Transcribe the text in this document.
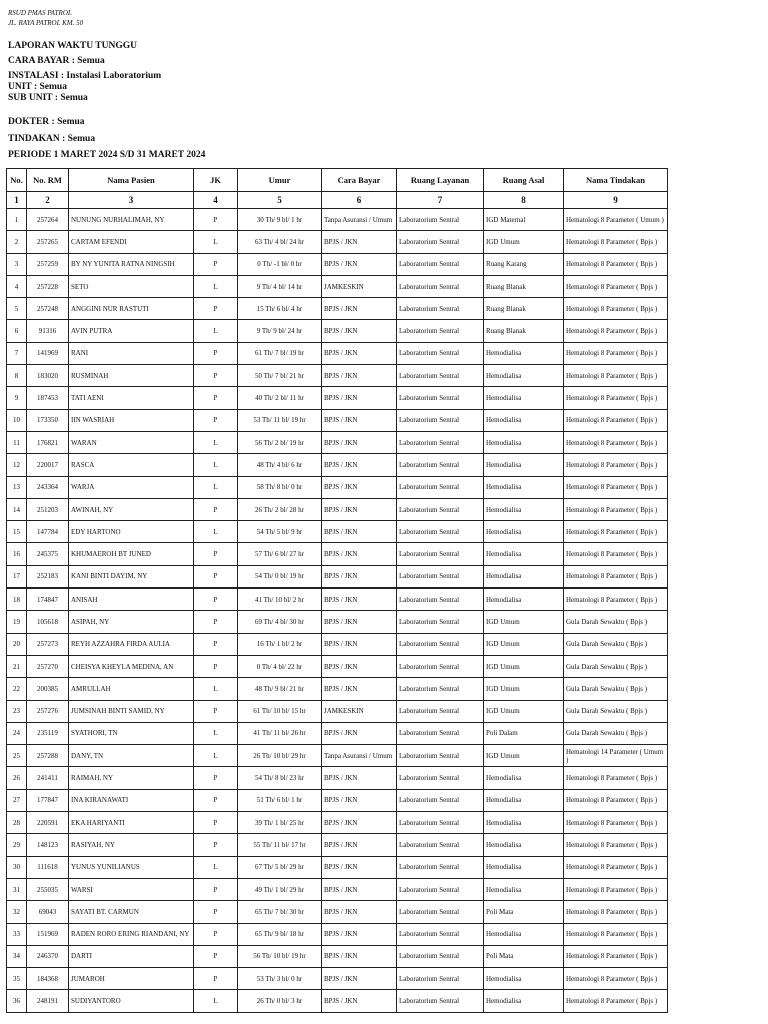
RSUD PMAS PATROL
JL. RAYA PATROL KM. 50
LAPORAN WAKTU TUNGGU
CARA BAYAR : Semua
INSTALASI : Instalasi Laboratorium
UNIT : Semua
SUB UNIT : Semua
DOKTER : Semua
TINDAKAN : Semua
PERIODE 1 MARET 2024 S/D 31 MARET 2024
No.	No. RM	Nama Pasien	JK	Umur	Cara Bayar	Ruang Layanan	Ruang Asal	Nama Tindakan
1	2	3	4	5	6	7	8	9
1	257264	NUNUNG NURHALIMAH, NY	P	30 Th/ 9 bl/ 1 hr	Tanpa Asuransi / Umum	Laboratorium Sentral	IGD Maternal	Hematologi 8 Parameter ( Umum )
2	257265	CARTAM EFENDI	L	63 Th/ 4 bl/ 24 hr	BPJS / JKN	Laboratorium Sentral	IGD Umum	Hematologi 8 Parameter ( Bpjs )
3	257259	BY NY YUNITA RATNA NINGSIH	P	0 Th/ -1 bl/ 0 hr	BPJS / JKN	Laboratorium Sentral	Ruang Karang	Hematologi 8 Parameter ( Bpjs )
4	257228	SETO	L	9 Th/ 4 bl/ 14 hr	JAMKESKIN	Laboratorium Sentral	Ruang Blanak	Hematologi 8 Parameter ( Bpjs )
5	257248	ANGGINI NUR RASTUTI	P	15 Th/ 6 bl/ 4 hr	BPJS / JKN	Laboratorium Sentral	Ruang Blanak	Hematologi 8 Parameter ( Bpjs )
6	91316	AVIN PUTRA	L	9 Th/ 9 bl/ 24 hr	BPJS / JKN	Laboratorium Sentral	Ruang Blanak	Hematologi 8 Parameter ( Bpjs )
7	141969	RANI	P	61 Th/ 7 bl/ 19 hr	BPJS / JKN	Laboratorium Sentral	Hemodialisa	Hematologi 8 Parameter ( Bpjs )
8	183020	RUSMINAH	P	50 Th/ 7 bl/ 21 hr	BPJS / JKN	Laboratorium Sentral	Hemodialisa	Hematologi 8 Parameter ( Bpjs )
9	187453	TATI AENI	P	40 Th/ 2 bl/ 11 hr	BPJS / JKN	Laboratorium Sentral	Hemodialisa	Hematologi 8 Parameter ( Bpjs )
10	173350	IIN WASRIAH	P	53 Th/ 11 bl/ 19 hr	BPJS / JKN	Laboratorium Sentral	Hemodialisa	Hematologi 8 Parameter ( Bpjs )
11	176821	WARAN	L	56 Th/ 2 bl/ 19 hr	BPJS / JKN	Laboratorium Sentral	Hemodialisa	Hematologi 8 Parameter ( Bpjs )
12	220017	RASCA	L	48 Th/ 4 bl/ 6 hr	BPJS / JKN	Laboratorium Sentral	Hemodialisa	Hematologi 8 Parameter ( Bpjs )
13	243364	WARJA	L	58 Th/ 8 bl/ 0 hr	BPJS / JKN	Laboratorium Sentral	Hemodialisa	Hematologi 8 Parameter ( Bpjs )
14	251203	AWINAH, NY	P	26 Th/ 2 bl/ 28 hr	BPJS / JKN	Laboratorium Sentral	Hemodialisa	Hematologi 8 Parameter ( Bpjs )
15	147784	EDY HARTONO	L	54 Th/ 5 bl/ 9 hr	BPJS / JKN	Laboratorium Sentral	Hemodialisa	Hematologi 8 Parameter ( Bpjs )
16	245375	KHUMAEROH BT JUNED	P	57 Th/ 6 bl/ 27 hr	BPJS / JKN	Laboratorium Sentral	Hemodialisa	Hematologi 8 Parameter ( Bpjs )
17	252183	KANI BINTI DAYIM, NY	P	54 Th/ 0 bl/ 19 hr	BPJS / JKN	Laboratorium Sentral	Hemodialisa	Hematologi 8 Parameter ( Bpjs )
18	174847	ANISAH	P	41 Th/ 10 bl/ 2 hr	BPJS / JKN	Laboratorium Sentral	Hemodialisa	Hematologi 8 Parameter ( Bpjs )
19	105618	ASIPAH, NY	P	69 Th/ 4 bl/ 30 hr	BPJS / JKN	Laboratorium Sentral	IGD Umum	Gula Darah Sewaktu ( Bpjs )
20	257273	REYH AZZAHRA FIRDA AULIA	P	16 Th/ 1 bl/ 2 hr	BPJS / JKN	Laboratorium Sentral	IGD Umum	Gula Darah Sewaktu ( Bpjs )
21	257270	CHEISYA KHEYLA MEDINA, AN	P	0 Th/ 4 bl/ 22 hr	BPJS / JKN	Laboratorium Sentral	IGD Umum	Gula Darah Sewaktu ( Bpjs )
22	200385	AMRULLAH	L	48 Th/ 9 bl/ 21 hr	BPJS / JKN	Laboratorium Sentral	IGD Umum	Gula Darah Sewaktu ( Bpjs )
23	257276	JUMSINAH BINTI SAMID, NY	P	61 Th/ 10 bl/ 15 hr	JAMKESKIN	Laboratorium Sentral	IGD Umum	Gula Darah Sewaktu ( Bpjs )
24	235119	SYATHORI, TN	L	41 Th/ 11 bl/ 26 hr	BPJS / JKN	Laboratorium Sentral	Poli Dalam	Gula Darah Sewaktu ( Bpjs )
25	257288	DANY, TN	L	26 Th/ 10 bl/ 29 hr	Tanpa Asuransi / Umum	Laboratorium Sentral	IGD Umum	Hematologi 14 Parameter ( Umum )
26	241411	RAIMAH, NY	P	54 Th/ 8 bl/ 23 hr	BPJS / JKN	Laboratorium Sentral	Hemodialisa	Hematologi 8 Parameter ( Bpjs )
27	177847	INA KIRANAWATI	P	51 Th/ 6 bl/ 1 hr	BPJS / JKN	Laboratorium Sentral	Hemodialisa	Hematologi 8 Parameter ( Bpjs )
28	220591	EKA HARIYANTI	P	39 Th/ 1 bl/ 25 hr	BPJS / JKN	Laboratorium Sentral	Hemodialisa	Hematologi 8 Parameter ( Bpjs )
29	148123	RASIYAH, NY	P	55 Th/ 11 bl/ 17 hr	BPJS / JKN	Laboratorium Sentral	Hemodialisa	Hematologi 8 Parameter ( Bpjs )
30	111618	YUNUS YUNILIANUS	L	67 Th/ 5 bl/ 29 hr	BPJS / JKN	Laboratorium Sentral	Hemodialisa	Hematologi 8 Parameter ( Bpjs )
31	255035	WARSI	P	49 Th/ 1 bl/ 29 hr	BPJS / JKN	Laboratorium Sentral	Hemodialisa	Hematologi 8 Parameter ( Bpjs )
32	69043	SAYATI BT. CARMUN	P	65 Th/ 7 bl/ 30 hr	BPJS / JKN	Laboratorium Sentral	Poli Mata	Hematologi 8 Parameter ( Bpjs )
33	151969	RADEN RORO ERING RIANDANI, NY	P	65 Th/ 9 bl/ 18 hr	BPJS / JKN	Laboratorium Sentral	Hemodialisa	Hematologi 8 Parameter ( Bpjs )
34	246370	DARTI	P	56 Th/ 10 bl/ 19 hr	BPJS / JKN	Laboratorium Sentral	Poli Mata	Hematologi 8 Parameter ( Bpjs )
35	184368	JUMAROH	P	53 Th/ 3 bl/ 0 hr	BPJS / JKN	Laboratorium Sentral	Hemodialisa	Hematologi 8 Parameter ( Bpjs )
36	248191	SUDIYANTORO	L	26 Th/ 0 bl/ 3 hr	BPJS / JKN	Laboratorium Sentral	Hemodialisa	Hematologi 8 Parameter ( Bpjs )
